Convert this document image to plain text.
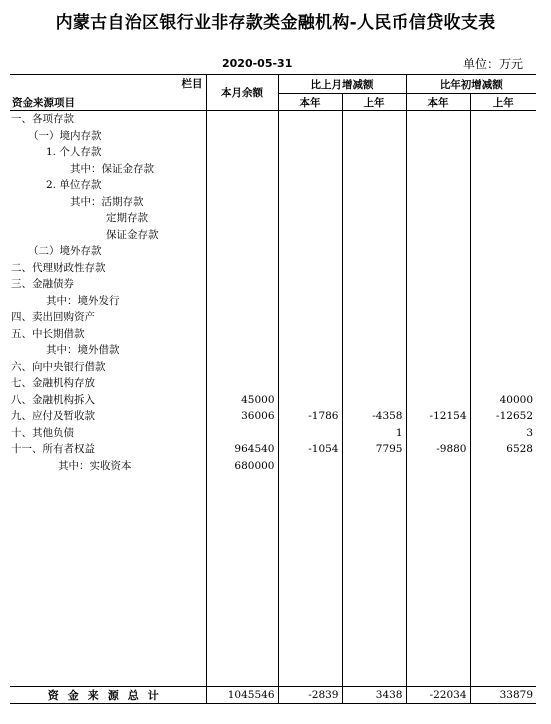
内蒙古自治区银行业非存款类金融机构-人民币信贷收支表
2020-05-31	单位：万元
栏目
资金来源项目	本月余额	比上月增减额		比年初增减额	
		本年	上年	本年	上年
一、各项存款					
（一）境内存款					
1. 个人存款					
其中：保证金存款					
2. 单位存款					
其中：活期存款					
定期存款					
保证金存款					
（二）境外存款					
二、代理财政性存款					
三、金融债券					
其中：境外发行					
四、卖出回购资产					
五、中长期借款					
其中：境外借款					
六、向中央银行借款					
七、金融机构存放					
八、金融机构拆入	45000				40000
九、应付及暂收款	36006	-1786	-4358	-12154	-12652
十、其他负债			1		3
十一、所有者权益	964540	-1054	7795	-9880	6528
其中：实收资本	680000				

资金来源总计	1045546	-2839	3438	-22034	33879
